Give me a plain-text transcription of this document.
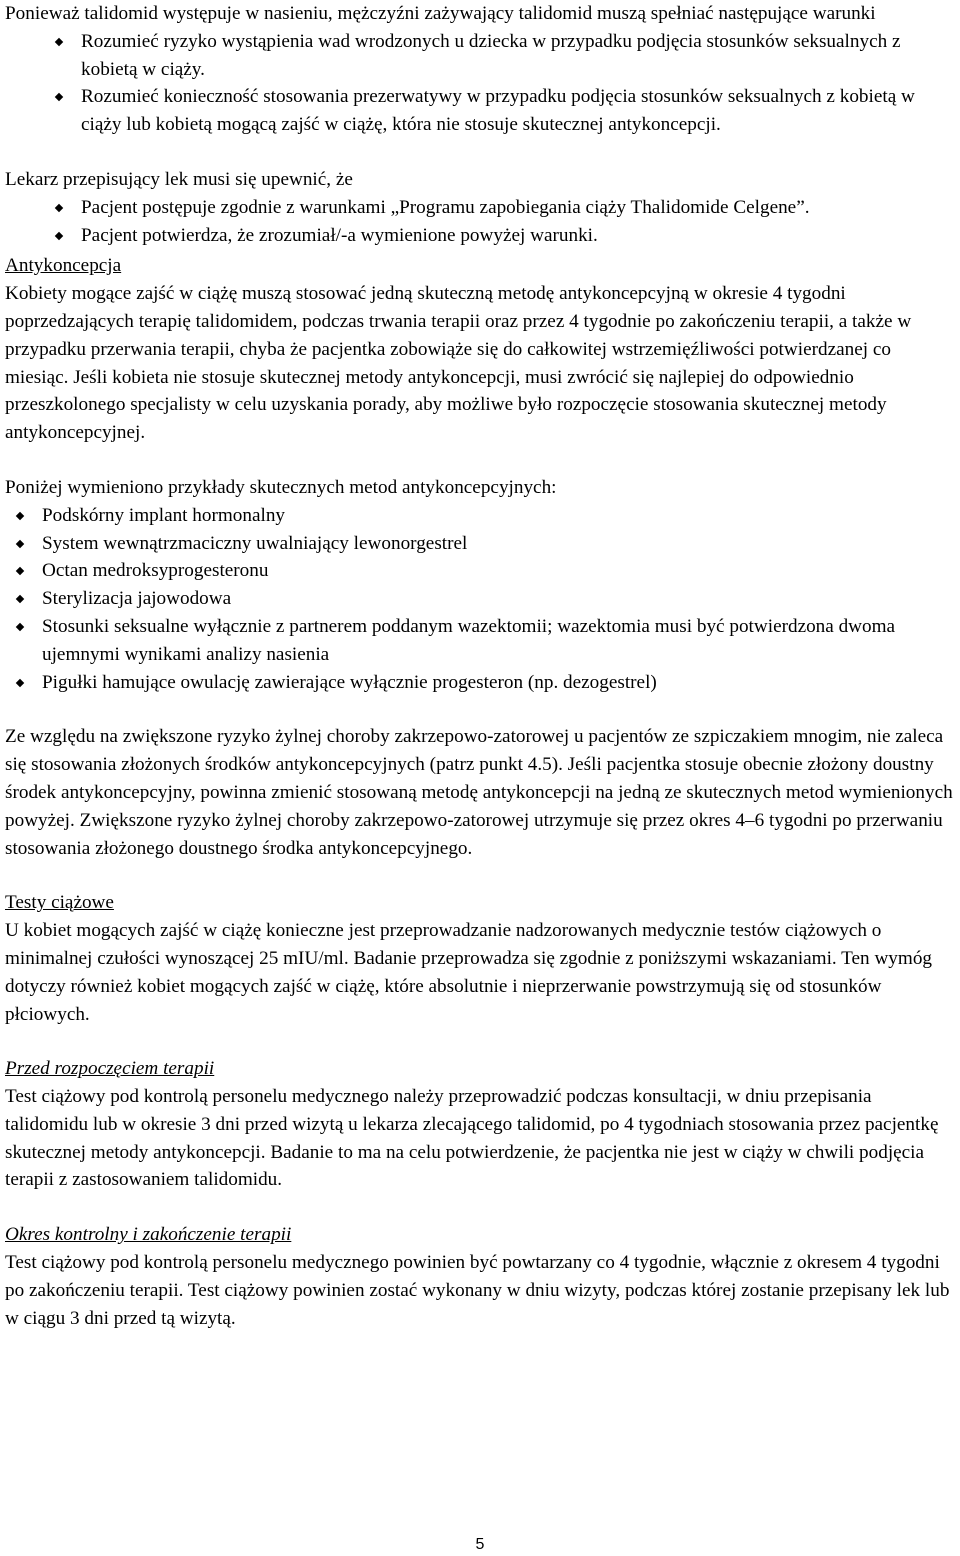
Ponieważ talidomid występuje w nasieniu, mężczyźni zażywający talidomid muszą spełniać następujące warunki

Rozumieć ryzyko wystąpienia wad wrodzonych u dziecka w przypadku podjęcia stosunków seksualnych z kobietą w ciąży.
Rozumieć konieczność stosowania prezerwatywy w przypadku podjęcia stosunków seksualnych z kobietą w ciąży lub kobietą mogącą zajść w ciążę, która nie stosuje skutecznej antykoncepcji.

Lekarz przepisujący lek musi się upewnić, że

Pacjent postępuje zgodnie z warunkami „Programu zapobiegania ciąży Thalidomide Celgene”.
Pacjent potwierdza, że zrozumiał/-a wymienione powyżej warunki.

Antykoncepcja

Kobiety mogące zajść w ciążę muszą stosować jedną skuteczną metodę antykoncepcyjną w okresie 4 tygodni poprzedzających terapię talidomidem, podczas trwania terapii oraz przez 4 tygodnie po zakończeniu terapii, a także w przypadku przerwania terapii, chyba że pacjentka zobowiąże się do całkowitej wstrzemięźliwości potwierdzanej co miesiąc. Jeśli kobieta nie stosuje skutecznej metody antykoncepcji, musi zwrócić się najlepiej do odpowiednio przeszkolonego specjalisty w celu uzyskania porady, aby możliwe było rozpoczęcie stosowania skutecznej metody antykoncepcyjnej.

Poniżej wymieniono przykłady skutecznych metod antykoncepcyjnych:

Podskórny implant hormonalny
System wewnątrzmaciczny uwalniający lewonorgestrel
Octan medroksyprogesteronu
Sterylizacja jajowodowa
Stosunki seksualne wyłącznie z partnerem poddanym wazektomii; wazektomia musi być potwierdzona dwoma ujemnymi wynikami analizy nasienia
Pigułki hamujące owulację zawierające wyłącznie progesteron (np. dezogestrel)

Ze względu na zwiększone ryzyko żylnej choroby zakrzepowo-zatorowej u pacjentów ze szpiczakiem mnogim, nie zaleca się stosowania złożonych środków antykoncepcyjnych (patrz punkt 4.5). Jeśli pacjentka stosuje obecnie złożony doustny środek antykoncepcyjny, powinna zmienić stosowaną metodę antykoncepcji na jedną ze skutecznych metod wymienionych powyżej. Zwiększone ryzyko żylnej choroby zakrzepowo-zatorowej utrzymuje się przez okres 4–6 tygodni po przerwaniu stosowania złożonego doustnego środka antykoncepcyjnego.

Testy ciążowe

U kobiet mogących zajść w ciążę konieczne jest przeprowadzanie nadzorowanych medycznie testów ciążowych o minimalnej czułości wynoszącej 25 mIU/ml. Badanie przeprowadza się zgodnie z poniższymi wskazaniami. Ten wymóg dotyczy również kobiet mogących zajść w ciążę, które absolutnie i nieprzerwanie powstrzymują się od stosunków płciowych.

Przed rozpoczęciem terapii

Test ciążowy pod kontrolą personelu medycznego należy przeprowadzić podczas konsultacji, w dniu przepisania talidomidu lub w okresie 3 dni przed wizytą u lekarza zlecającego talidomid, po 4 tygodniach stosowania przez pacjentkę skutecznej metody antykoncepcji. Badanie to ma na celu potwierdzenie, że pacjentka nie jest w ciąży w chwili podjęcia terapii z zastosowaniem talidomidu.

Okres kontrolny i zakończenie terapii

Test ciążowy pod kontrolą personelu medycznego powinien być powtarzany co 4 tygodnie, włącznie z okresem 4 tygodni po zakończeniu terapii. Test ciążowy powinien zostać wykonany w dniu wizyty, podczas której zostanie przepisany lek lub w ciągu 3 dni przed tą wizytą.

5
